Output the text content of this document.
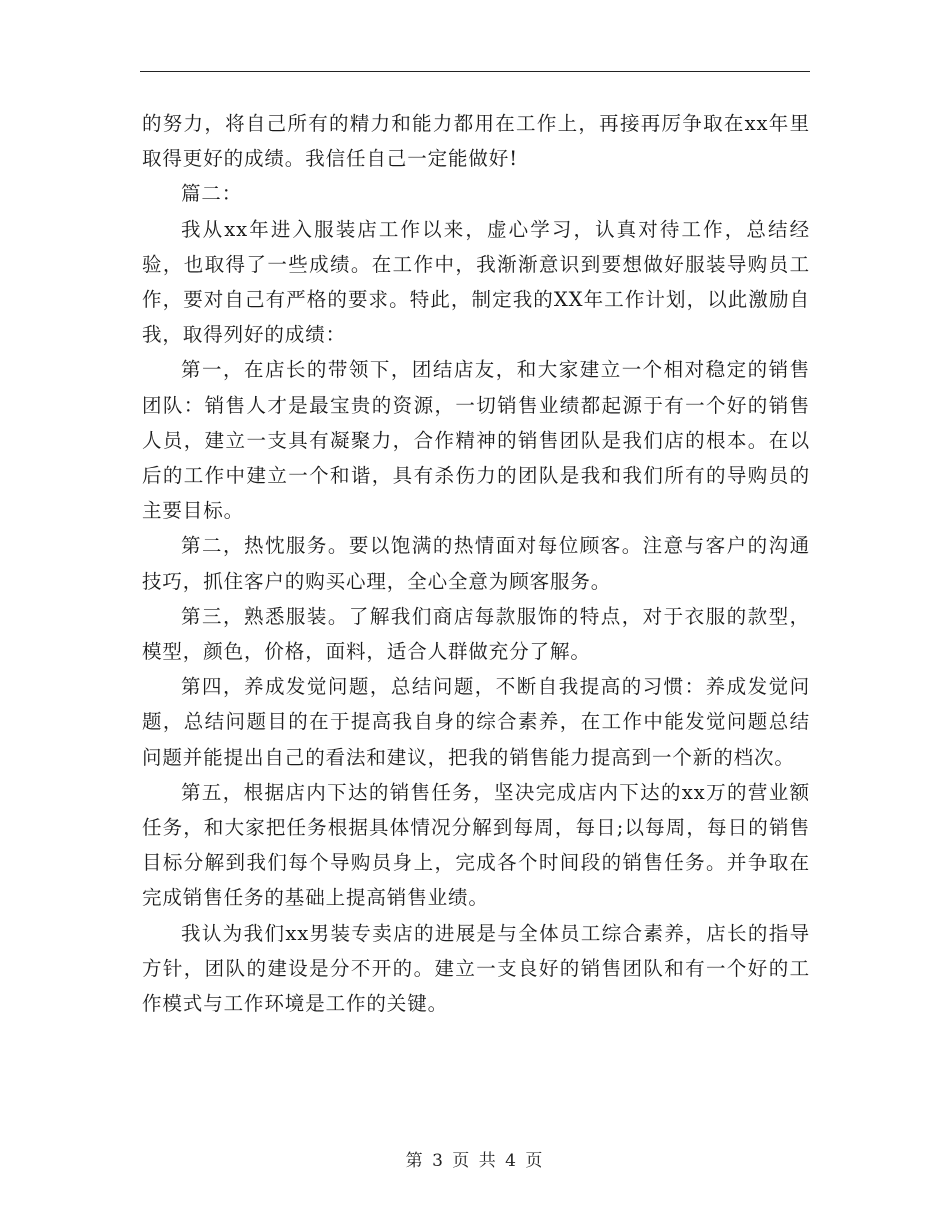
的努力，将自己所有的精力和能力都用在工作上，再接再厉争取在xx年里取得更好的成绩。我信任自己一定能做好!

篇二：

我从xx年进入服装店工作以来，虚心学习，认真对待工作，总结经验，也取得了一些成绩。在工作中，我渐渐意识到要想做好服装导购员工作，要对自己有严格的要求。特此，制定我的XX年工作计划，以此激励自我，取得列好的成绩：

第一，在店长的带领下，团结店友，和大家建立一个相对稳定的销售团队：销售人才是最宝贵的资源，一切销售业绩都起源于有一个好的销售人员，建立一支具有凝聚力，合作精神的销售团队是我们店的根本。在以后的工作中建立一个和谐，具有杀伤力的团队是我和我们所有的导购员的主要目标。

第二，热忱服务。要以饱满的热情面对每位顾客。注意与客户的沟通技巧，抓住客户的购买心理，全心全意为顾客服务。

第三，熟悉服装。了解我们商店每款服饰的特点，对于衣服的款型，模型，颜色，价格，面料，适合人群做充分了解。

第四，养成发觉问题，总结问题，不断自我提高的习惯：养成发觉问题，总结问题目的在于提高我自身的综合素养，在工作中能发觉问题总结问题并能提出自己的看法和建议，把我的销售能力提高到一个新的档次。

第五，根据店内下达的销售任务，坚决完成店内下达的xx万的营业额任务，和大家把任务根据具体情况分解到每周，每日;以每周，每日的销售目标分解到我们每个导购员身上，完成各个时间段的销售任务。并争取在完成销售任务的基础上提高销售业绩。

我认为我们xx男装专卖店的进展是与全体员工综合素养，店长的指导方针，团队的建设是分不开的。建立一支良好的销售团队和有一个好的工作模式与工作环境是工作的关键。

第 3 页 共 4 页
